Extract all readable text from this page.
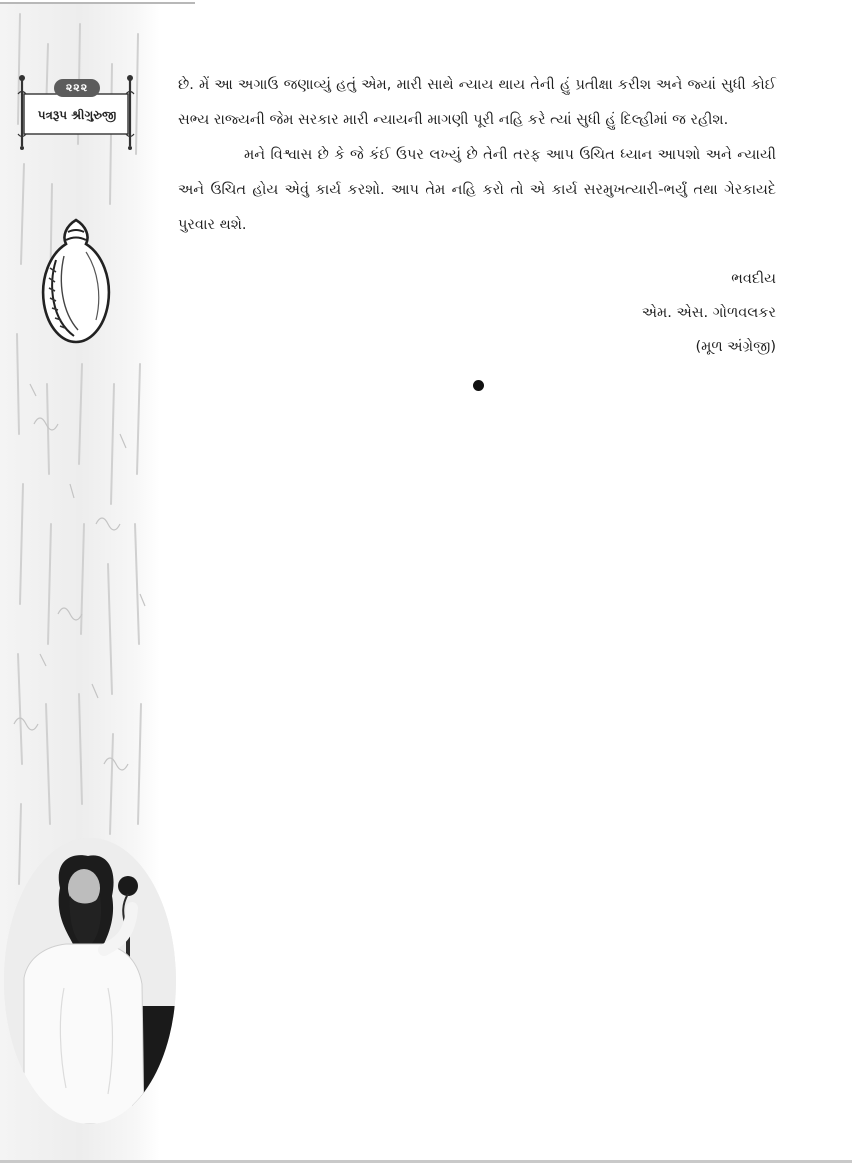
૨૨૨
પત્રરૂપ શ્રીગુરુજી

છે. મેં આ અગાઉ જણાવ્યું હતું એમ, મારી સાથે ન્યાય થાય તેની હું પ્રતીક્ષા કરીશ અને જ્યાં સુધી કોઈ સભ્ય રાજ્યની જેમ સરકાર મારી ન્યાયની માગણી પૂરી નહિ કરે ત્યાં સુધી હું દિલ્હીમાં જ રહીશ.

મને વિશ્વાસ છે કે જે કંઈ ઉપર લખ્યું છે તેની તરફ આપ ઉચિત ધ્યાન આપશો અને ન્યાયી અને ઉચિત હોય એવું કાર્ય કરશો. આપ તેમ નહિ કરો તો એ કાર્ય સરમુખત્યારી-ભર્યું તથા ગેરકાયદે પુરવાર થશે.

ભવદીય
એમ. એસ. ગોળવલકર
(મૂળ અંગ્રેજી)
